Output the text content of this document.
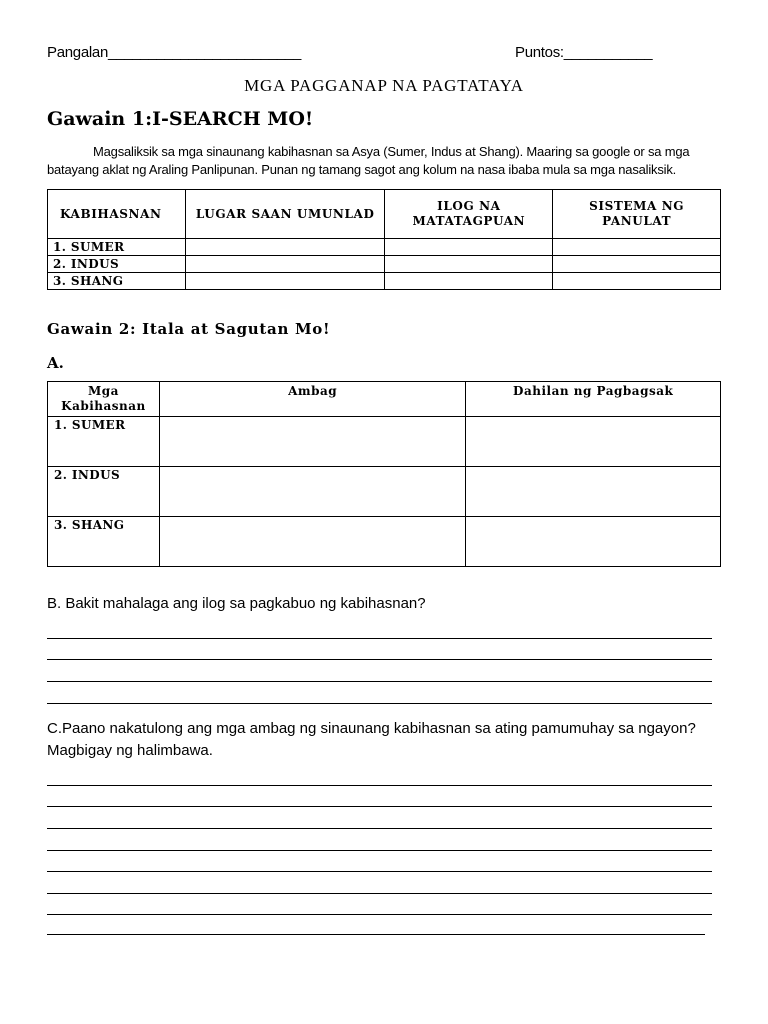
Pangalan________________________	Puntos:___________
MGA PAGGANAP NA PAGTATAYA
Gawain 1:I-SEARCH MO!
Magsaliksik sa mga sinaunang kabihasnan sa Asya (Sumer, Indus at Shang). Maaring sa google or sa mga batayang aklat ng Araling Panlipunan. Punan ng tamang sagot ang kolum na nasa ibaba mula sa mga nasaliksik.
KABIHASNAN	LUGAR SAAN UMUNLAD	ILOG NA MATATAGPUAN	SISTEMA NG PANULAT
1. SUMER			
2. INDUS			
3. SHANG			
Gawain 2: Itala at Sagutan Mo!
A.
Mga Kabihasnan	Ambag	Dahilan ng Pagbagsak
1. SUMER		
2. INDUS		
3. SHANG		
B. Bakit mahalaga ang ilog sa pagkabuo ng kabihasnan?
C.Paano nakatulong ang mga ambag ng sinaunang kabihasnan sa ating pamumuhay sa ngayon? Magbigay ng halimbawa.
